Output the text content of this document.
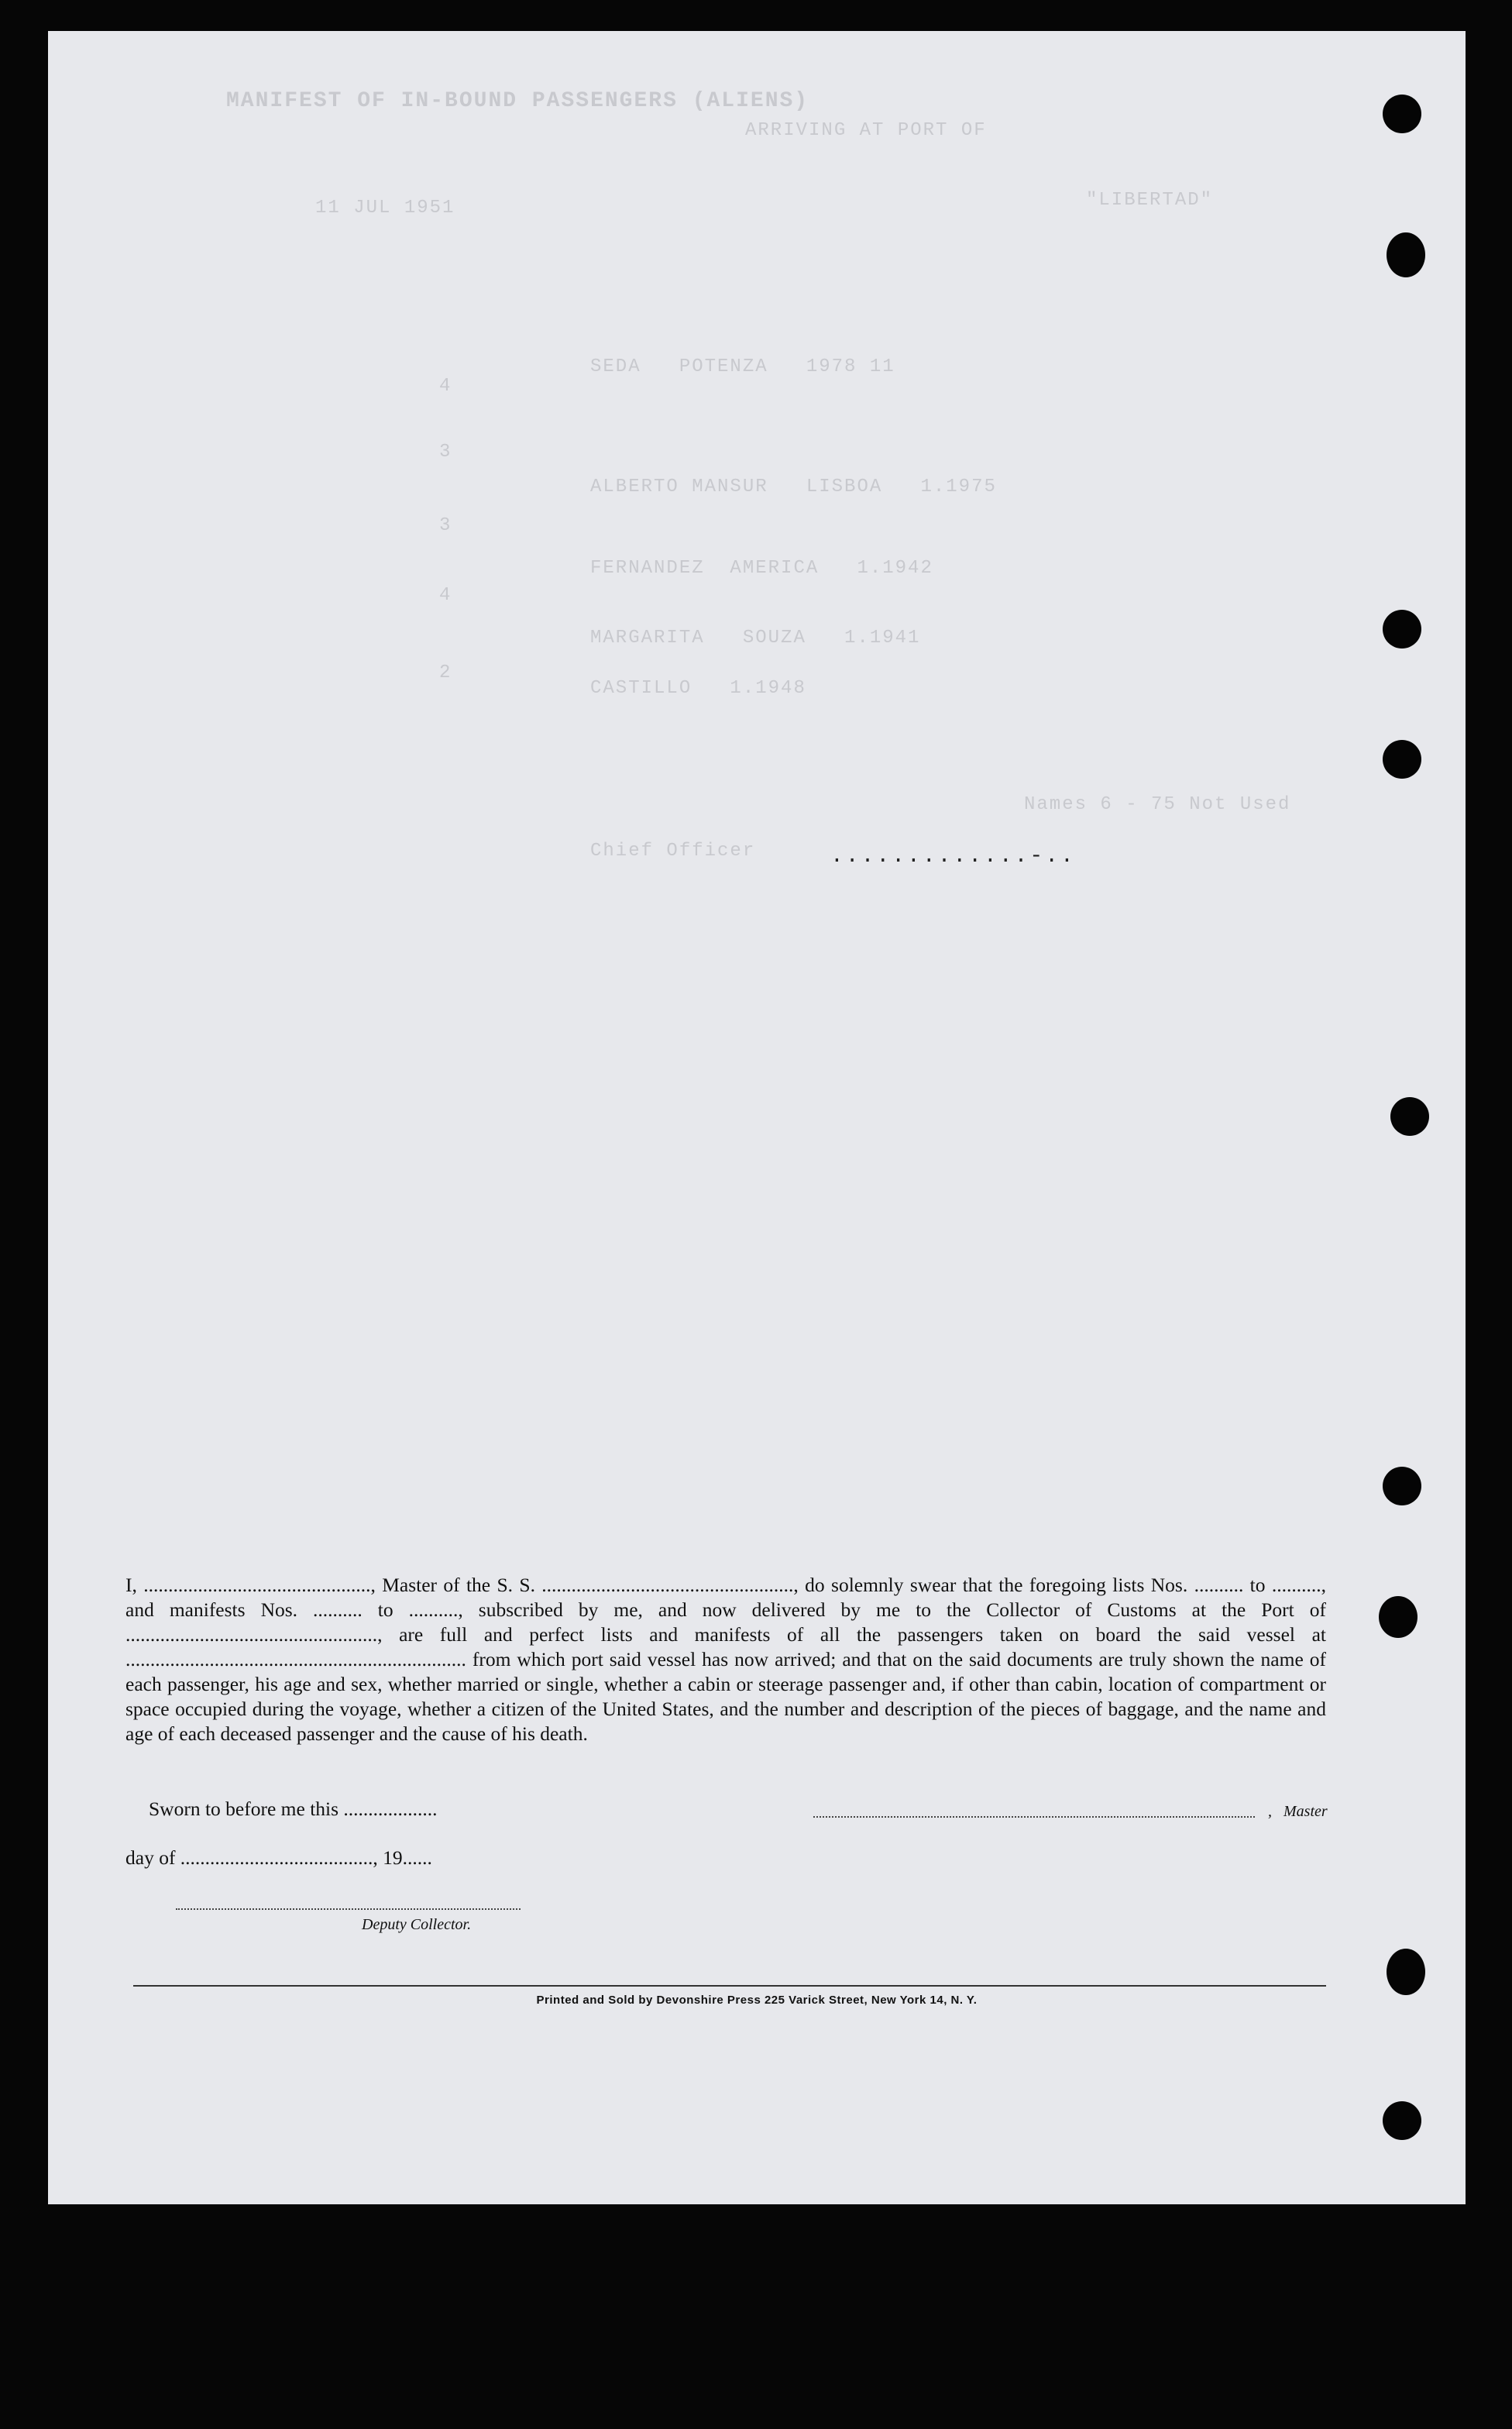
MANIFEST OF IN-BOUND PASSENGERS (ALIENS)
ARRIVING AT PORT OF
"LIBERTAD"
11 JUL 1951
4
SEDA   POTENZA   1978 11
3
ALBERTO MANSUR   LISBOA   1.1975
3
FERNANDEZ  AMERICA   1.1942
4
MARGARITA   SOUZA   1.1941
2
CASTILLO   1.1948
Names 6 - 75 Not Used
Chief Officer	.............-..
I, .............................................., Master of the S. S. ..................................................., do solemnly swear that the foregoing lists Nos. .......... to .........., and manifests Nos. .......... to .........., subscribed by me, and now delivered by me to the Collector of Customs at the Port of ..................................................., are full and perfect lists and manifests of all the passengers taken on board the said vessel at ..................................................................... from which port said vessel has now arrived; and that on the said documents are truly shown the name of each passenger, his age and sex, whether married or single, whether a cabin or steerage passenger and, if other than cabin, location of compartment or space occupied during the voyage, whether a citizen of the United States, and the number and description of the pieces of baggage, and the name and age of each deceased passenger and the cause of his death.
Sworn to before me this ...................	, Master
day of ......................................., 19......
Deputy Collector.
Printed and Sold by Devonshire Press 225 Varick Street, New York 14, N. Y.
